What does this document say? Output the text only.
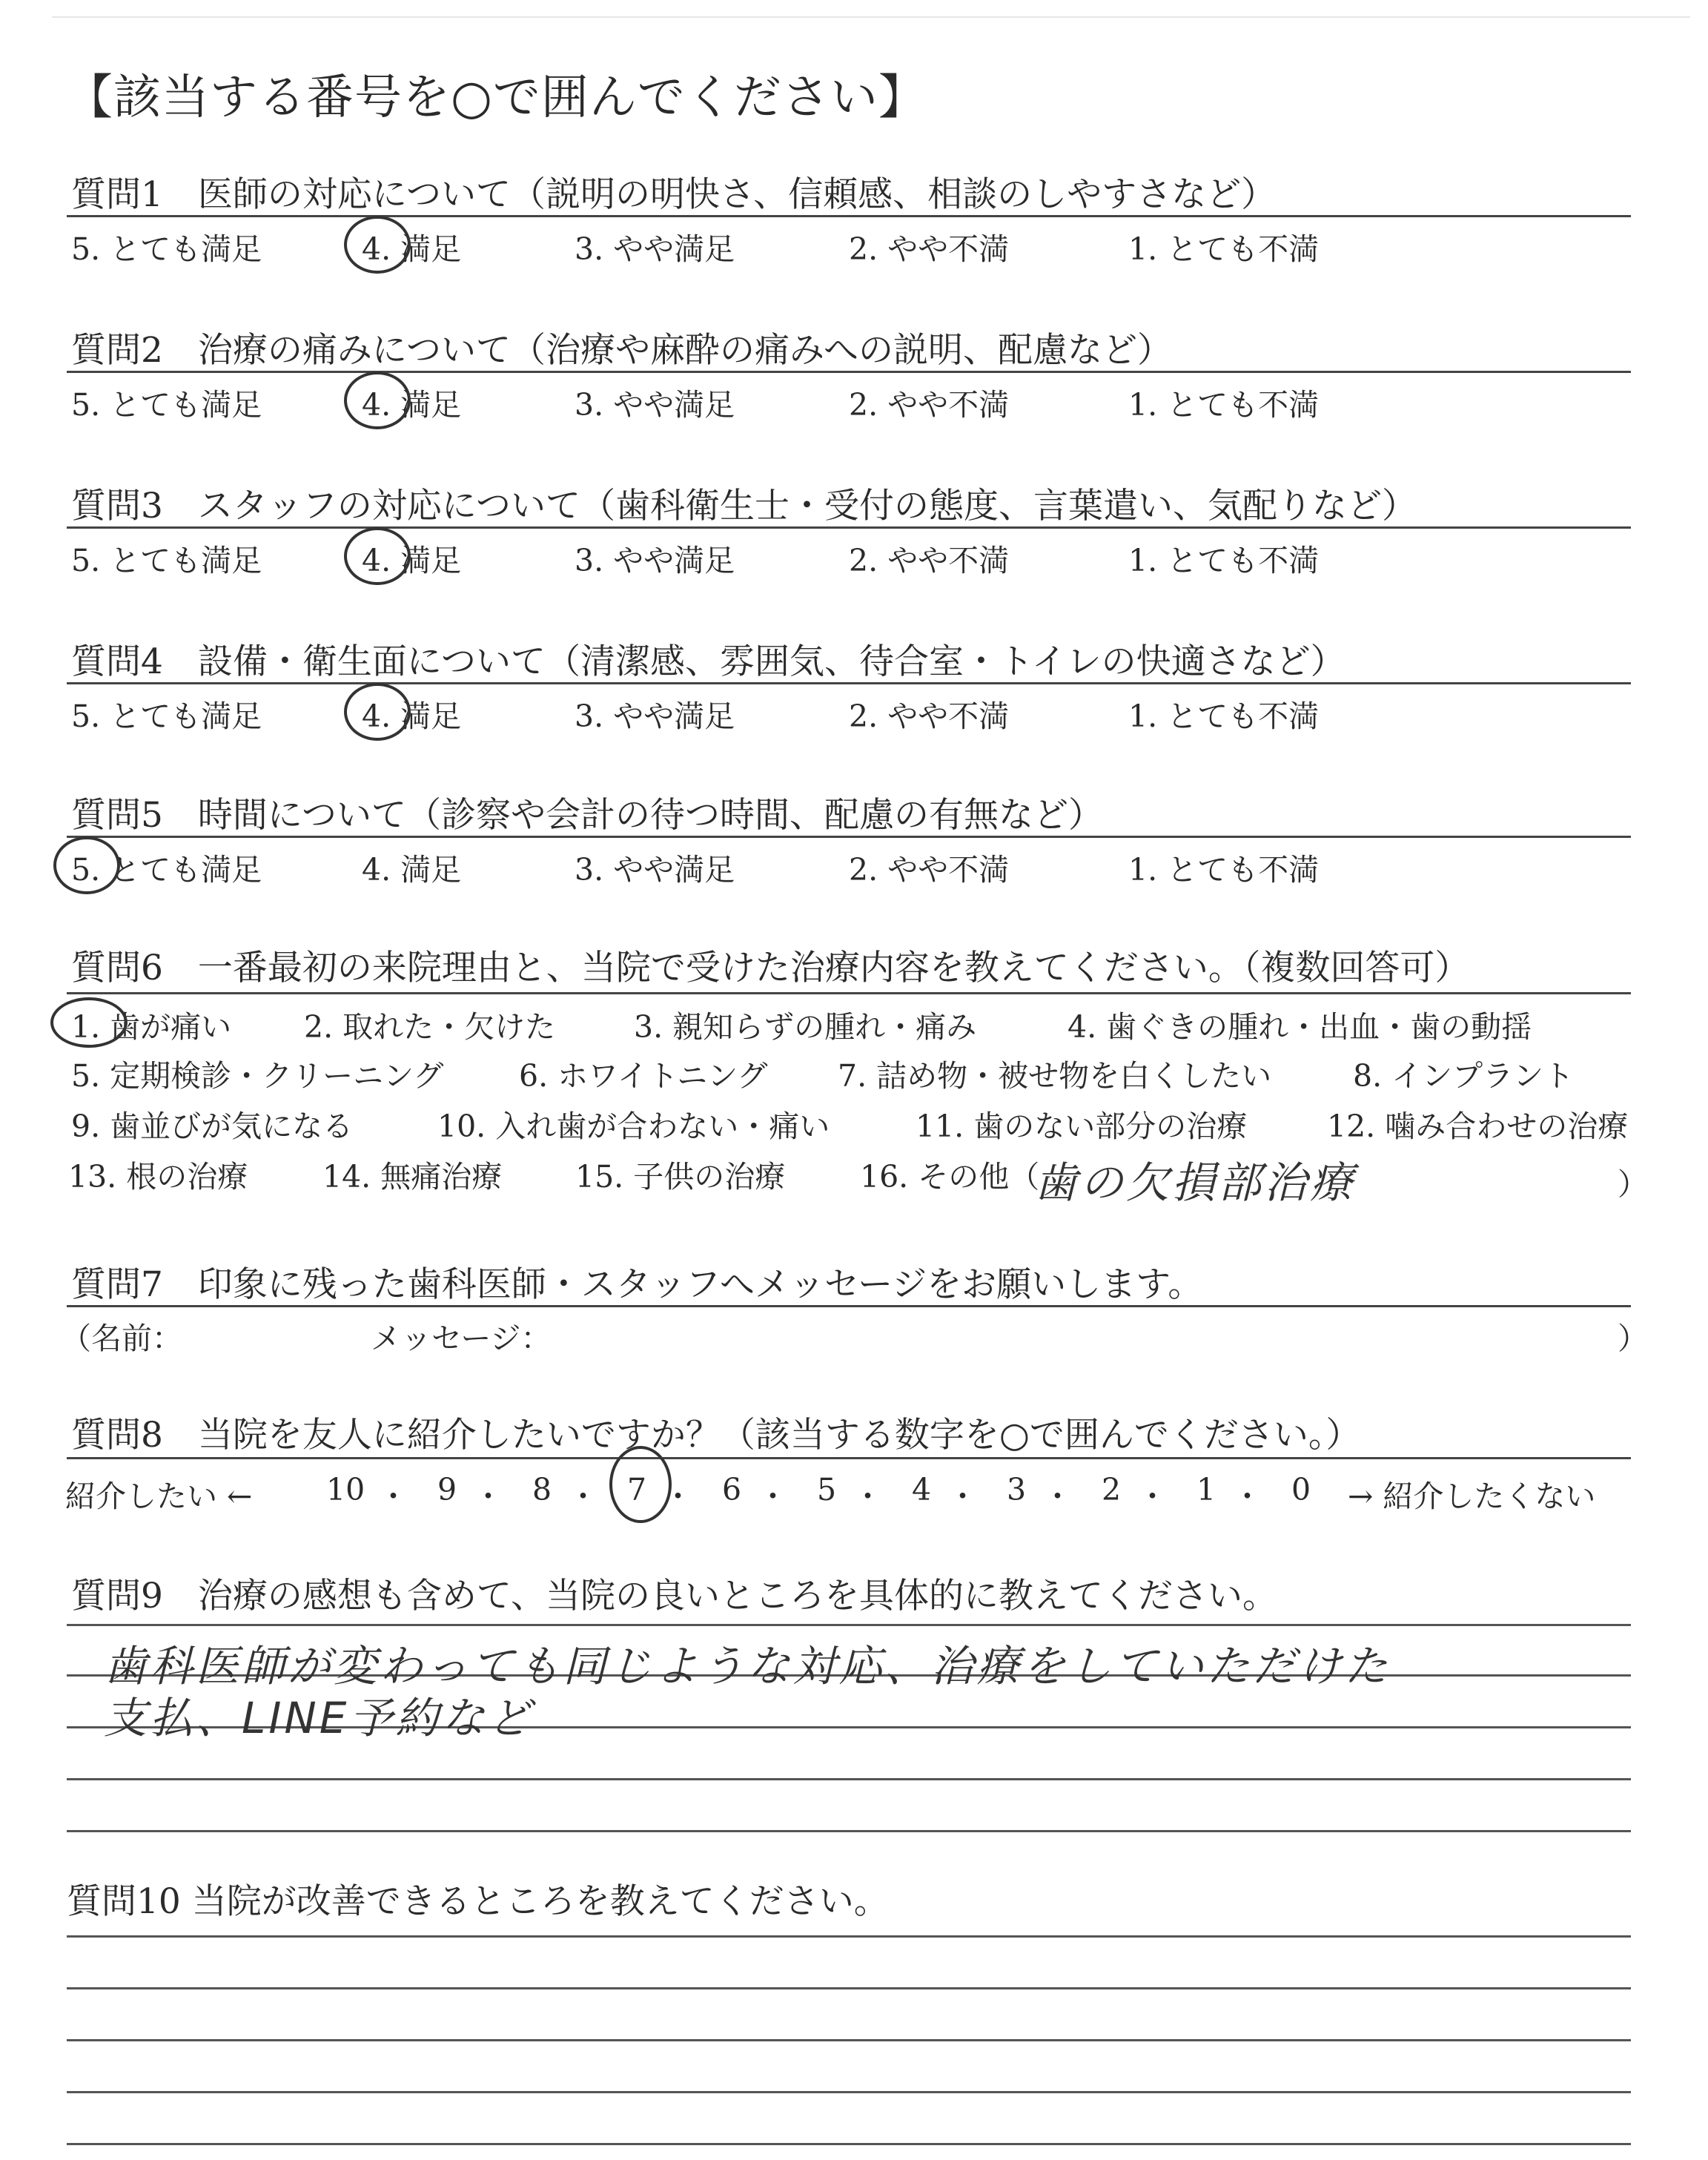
【該当する番号を○で囲んでください】
質問1　医師の対応について（説明の明快さ、信頼感、相談のしやすさなど）
5. とても満足	4. 満足	3. やや満足	2. やや不満	1. とても不満
質問2　治療の痛みについて（治療や麻酔の痛みへの説明、配慮など）
5. とても満足	4. 満足	3. やや満足	2. やや不満	1. とても不満
質問3　スタッフの対応について（歯科衛生士・受付の態度、言葉遣い、気配りなど）
5. とても満足	4. 満足	3. やや満足	2. やや不満	1. とても不満
質問4　設備・衛生面について（清潔感、雰囲気、待合室・トイレの快適さなど）
5. とても満足	4. 満足	3. やや満足	2. やや不満	1. とても不満
質問5　時間について（診察や会計の待つ時間、配慮の有無など）
5. とても満足	4. 満足	3. やや満足	2. やや不満	1. とても不満
質問6　一番最初の来院理由と、当院で受けた治療内容を教えてください。（複数回答可）
1. 歯が痛い 2. 取れた・欠けた	3. 親知らずの腫れ・痛み	4. 歯ぐきの腫れ・出血・歯の動揺
5. 定期検診・クリーニング 6. ホワイトニング 7. 詰め物・被せ物を白くしたい	8. インプラント
9. 歯並びが気になる	10. 入れ歯が合わない・痛い	11. 歯のない部分の治療	12. 噛み合わせの治療
13. 根の治療 14. 無痛治療 15. 子供の治療 16. その他（	）
歯の欠損部治療
質問7　印象に残った歯科医師・スタッフへメッセージをお願いします。
（名前：	メッセージ：	）
質問8　当院を友人に紹介したいですか？（該当する数字を○で囲んでください。）
紹介したい ← 10 ・ 9 ・ 8 ・ 7 ・ 6 ・ 5 ・ 4 ・ 3 ・ 2 ・ 1 ・ 0 → 紹介したくない
質問9　治療の感想も含めて、当院の良いところを具体的に教えてください。
歯科医師が変わっても同じような対応、治療をしていただけた
支払、LINE予約など
質問10 当院が改善できるところを教えてください。
